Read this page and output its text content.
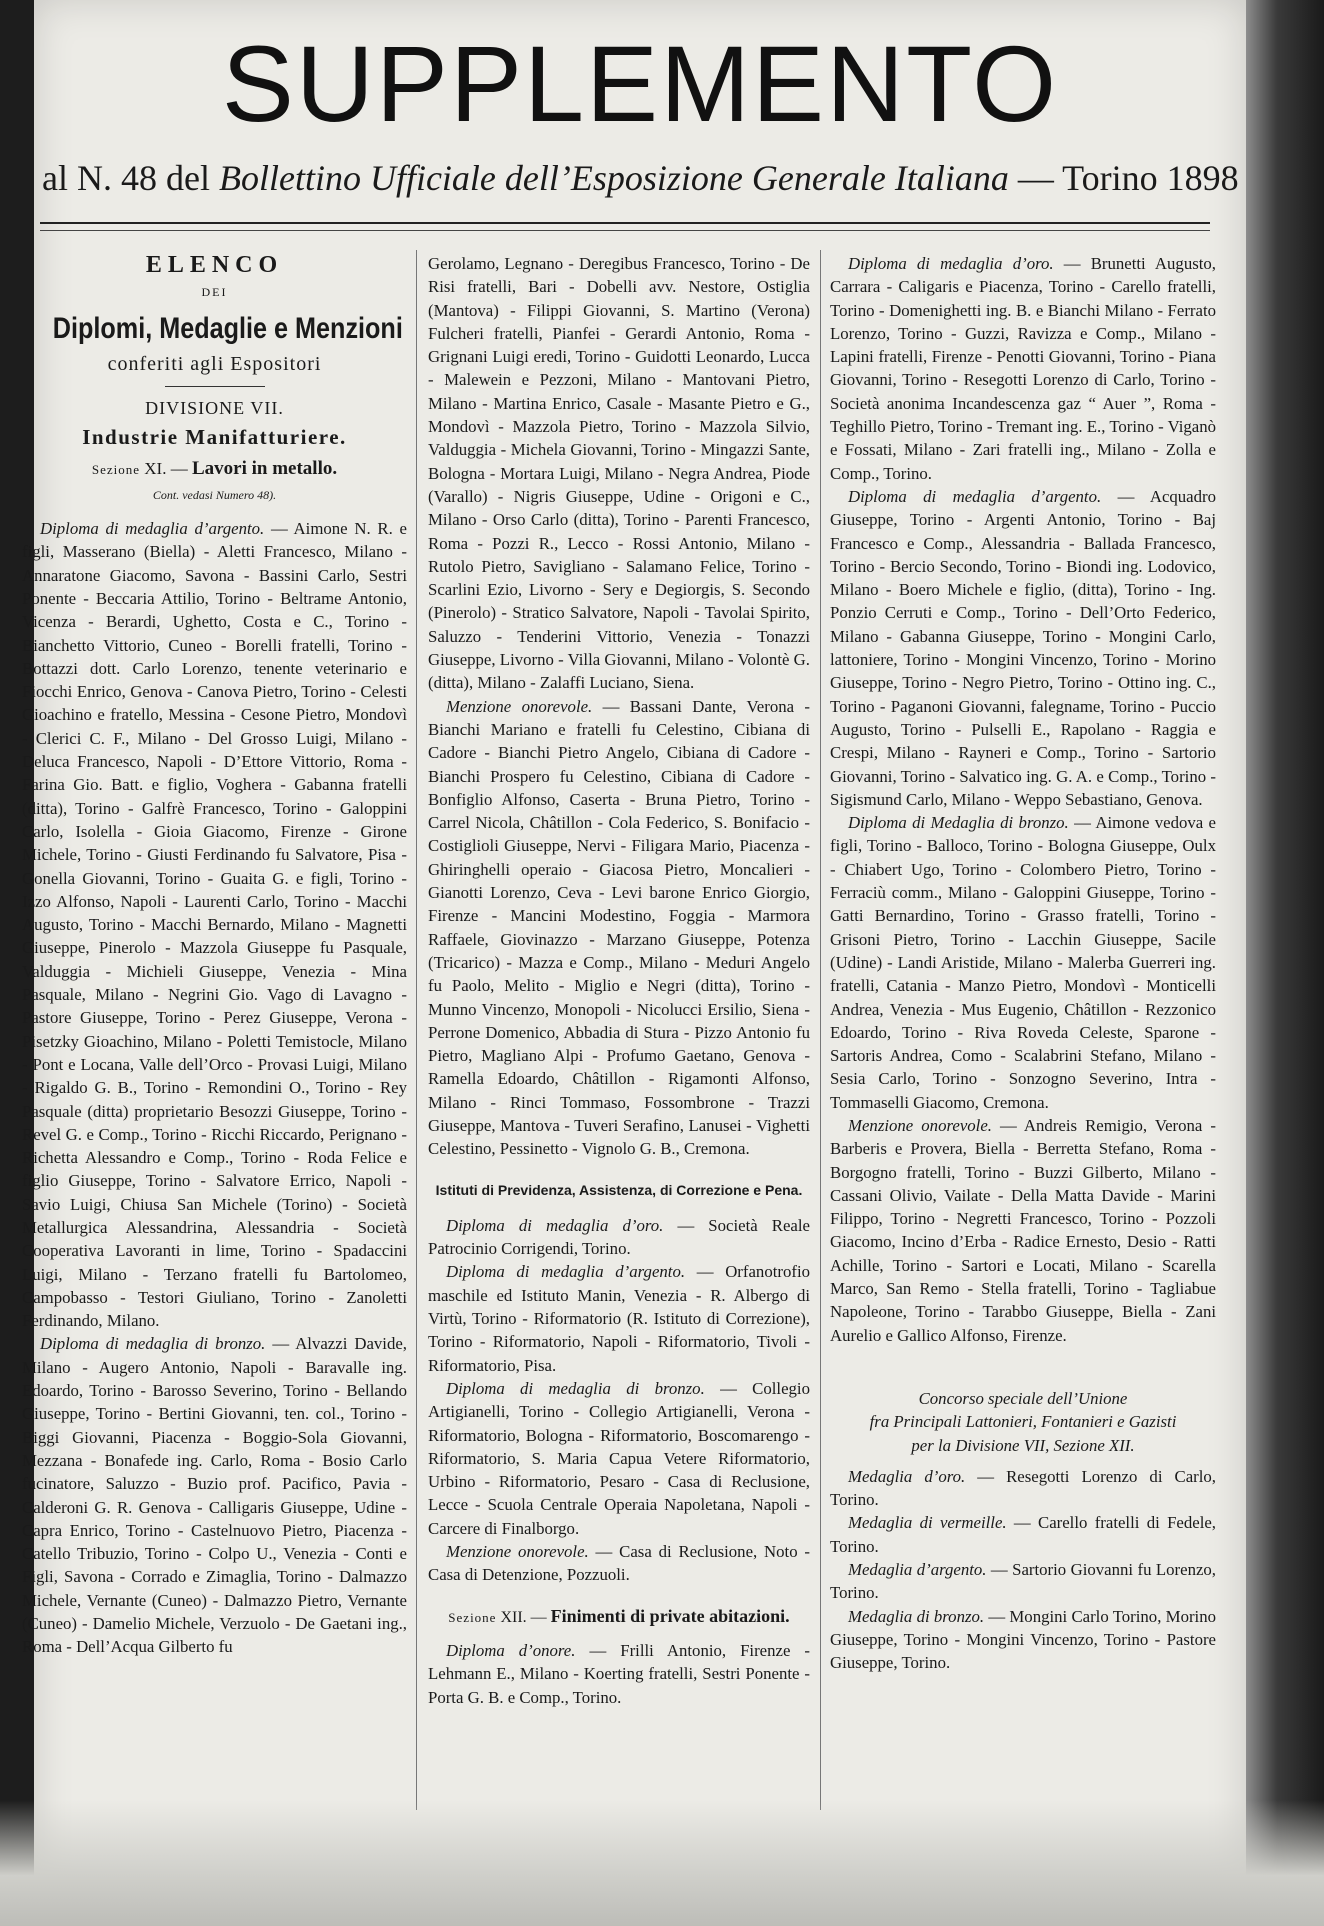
SUPPLEMENTO
al N. 48 del Bollettino Ufficiale dell’Esposizione Generale Italiana — Torino 1898
ELENCO
DEI
Diplomi, Medaglie e Menzioni
conferiti agli Espositori
DIVISIONE VII.
Industrie Manifatturiere.
Sezione XI. — Lavori in metallo.
Cont. vedasi Numero 48).

Diploma di medaglia d’argento. — Aimone N. R. e figli, Masserano (Biella) - Aletti Francesco, Milano - Annaratone Giacomo, Savona - Bassini Carlo, Sestri Ponente - Beccaria Attilio, Torino - Beltrame Antonio, Vicenza - Berardi, Ughetto, Costa e C., Torino - Bianchetto Vittorio, Cuneo - Borelli fratelli, Torino - Bottazzi dott. Carlo Lorenzo, tenente veterinario e Fiocchi Enrico, Genova - Canova Pietro, Torino - Celesti Gioachino e fratello, Messina - Cesone Pietro, Mondovì - Clerici C. F., Milano - Del Grosso Luigi, Milano - Deluca Francesco, Napoli - D’Ettore Vittorio, Roma - Farina Gio. Batt. e figlio, Voghera - Gabanna fratelli (ditta), Torino - Galfrè Francesco, Torino - Galoppini Carlo, Isolella - Gioia Giacomo, Firenze - Girone Michele, Torino - Giusti Ferdinando fu Salvatore, Pisa - Gonella Giovanni, Torino - Guaita G. e figli, Torino - Izzo Alfonso, Napoli - Laurenti Carlo, Torino - Macchi Augusto, Torino - Macchi Bernardo, Milano - Magnetti Giuseppe, Pinerolo - Mazzola Giuseppe fu Pasquale, Valduggia - Michieli Giuseppe, Venezia - Mina Pasquale, Milano - Negrini Gio. Vago di Lavagno - Pastore Giuseppe, Torino - Perez Giuseppe, Verona - Pisetzky Gioachino, Milano - Poletti Temistocle, Milano - Pont e Locana, Valle dell’Orco - Provasi Luigi, Milano - Rigaldo G. B., Torino - Remondini O., Torino - Rey Pasquale (ditta) proprietario Besozzi Giuseppe, Torino - Revel G. e Comp., Torino - Ricchi Riccardo, Perignano - Richetta Alessandro e Comp., Torino - Roda Felice e figlio Giuseppe, Torino - Salvatore Errico, Napoli - Savio Luigi, Chiusa San Michele (Torino) - Società Metallurgica Alessandrina, Alessandria - Società Cooperativa Lavoranti in lime, Torino - Spadaccini Luigi, Milano - Terzano fratelli fu Bartolomeo, Campobasso - Testori Giuliano, Torino - Zanoletti Ferdinando, Milano.

Diploma di medaglia di bronzo. — Alvazzi Davide, Milano - Augero Antonio, Napoli - Baravalle ing. Edoardo, Torino - Barosso Severino, Torino - Bellando Giuseppe, Torino - Bertini Giovanni, ten. col., Torino - Biggi Giovanni, Piacenza - Boggio-Sola Giovanni, Mezzana - Bonafede ing. Carlo, Roma - Bosio Carlo fucinatore, Saluzzo - Buzio prof. Pacifico, Pavia - Calderoni G. R. Genova - Calligaris Giuseppe, Udine - Capra Enrico, Torino - Castelnuovo Pietro, Piacenza - Catello Tribuzio, Torino - Colpo U., Venezia - Conti e Figli, Savona - Corrado e Zimaglia, Torino - Dalmazzo Michele, Vernante (Cuneo) - Dalmazzo Pietro, Vernante (Cuneo) - Damelio Michele, Verzuolo - De Gaetani ing., Roma - Dell’Acqua Gilberto fu

Gerolamo, Legnano - Deregibus Francesco, Torino - De Risi fratelli, Bari - Dobelli avv. Nestore, Ostiglia (Mantova) - Filippi Giovanni, S. Martino (Verona) Fulcheri fratelli, Pianfei - Gerardi Antonio, Roma - Grignani Luigi eredi, Torino - Guidotti Leonardo, Lucca - Malewein e Pezzoni, Milano - Mantovani Pietro, Milano - Martina Enrico, Casale - Masante Pietro e G., Mondovì - Mazzola Pietro, Torino - Mazzola Silvio, Valduggia - Michela Giovanni, Torino - Mingazzi Sante, Bologna - Mortara Luigi, Milano - Negra Andrea, Piode (Varallo) - Nigris Giuseppe, Udine - Origoni e C., Milano - Orso Carlo (ditta), Torino - Parenti Francesco, Roma - Pozzi R., Lecco - Rossi Antonio, Milano - Rutolo Pietro, Savigliano - Salamano Felice, Torino - Scarlini Ezio, Livorno - Sery e Degiorgis, S. Secondo (Pinerolo) - Stratico Salvatore, Napoli - Tavolai Spirito, Saluzzo - Tenderini Vittorio, Venezia - Tonazzi Giuseppe, Livorno - Villa Giovanni, Milano - Volontè G. (ditta), Milano - Zalaffi Luciano, Siena.

Menzione onorevole. — Bassani Dante, Verona - Bianchi Mariano e fratelli fu Celestino, Cibiana di Cadore - Bianchi Pietro Angelo, Cibiana di Cadore - Bianchi Prospero fu Celestino, Cibiana di Cadore - Bonfiglio Alfonso, Caserta - Bruna Pietro, Torino - Carrel Nicola, Châtillon - Cola Federico, S. Bonifacio - Costiglioli Giuseppe, Nervi - Filigara Mario, Piacenza - Ghiringhelli operaio - Giacosa Pietro, Moncalieri - Gianotti Lorenzo, Ceva - Levi barone Enrico Giorgio, Firenze - Mancini Modestino, Foggia - Marmora Raffaele, Giovinazzo - Marzano Giuseppe, Potenza (Tricarico) - Mazza e Comp., Milano - Meduri Angelo fu Paolo, Melito - Miglio e Negri (ditta), Torino - Munno Vincenzo, Monopoli - Nicolucci Ersilio, Siena - Perrone Domenico, Abbadia di Stura - Pizzo Antonio fu Pietro, Magliano Alpi - Profumo Gaetano, Genova - Ramella Edoardo, Châtillon - Rigamonti Alfonso, Milano - Rinci Tommaso, Fossombrone - Trazzi Giuseppe, Mantova - Tuveri Serafino, Lanusei - Vighetti Celestino, Pessinetto - Vignolo G. B., Cremona.

Istituti di Previdenza, Assistenza, di Correzione e Pena.

Diploma di medaglia d’oro. — Società Reale Patrocinio Corrigendi, Torino.

Diploma di medaglia d’argento. — Orfanotrofio maschile ed Istituto Manin, Venezia - R. Albergo di Virtù, Torino - Riformatorio (R. Istituto di Correzione), Torino - Riformatorio, Napoli - Riformatorio, Tivoli - Riformatorio, Pisa.

Diploma di medaglia di bronzo. — Collegio Artigianelli, Torino - Collegio Artigianelli, Verona - Riformatorio, Bologna - Riformatorio, Boscomarengo - Riformatorio, S. Maria Capua Vetere Riformatorio, Urbino - Riformatorio, Pesaro - Casa di Reclusione, Lecce - Scuola Centrale Operaia Napoletana, Napoli - Carcere di Finalborgo.

Menzione onorevole. — Casa di Reclusione, Noto - Casa di Detenzione, Pozzuoli.

Sezione XII. — Finimenti di private abitazioni.

Diploma d’onore. — Frilli Antonio, Firenze - Lehmann E., Milano - Koerting fratelli, Sestri Ponente - Porta G. B. e Comp., Torino.

Diploma di medaglia d’oro. — Brunetti Augusto, Carrara - Caligaris e Piacenza, Torino - Carello fratelli, Torino - Domenighetti ing. B. e Bianchi Milano - Ferrato Lorenzo, Torino - Guzzi, Ravizza e Comp., Milano - Lapini fratelli, Firenze - Penotti Giovanni, Torino - Piana Giovanni, Torino - Resegotti Lorenzo di Carlo, Torino - Società anonima Incandescenza gaz “ Auer ”, Roma - Teghillo Pietro, Torino - Tremant ing. E., Torino - Viganò e Fossati, Milano - Zari fratelli ing., Milano - Zolla e Comp., Torino.

Diploma di medaglia d’argento. — Acquadro Giuseppe, Torino - Argenti Antonio, Torino - Baj Francesco e Comp., Alessandria - Ballada Francesco, Torino - Bercio Secondo, Torino - Biondi ing. Lodovico, Milano - Boero Michele e figlio, (ditta), Torino - Ing. Ponzio Cerruti e Comp., Torino - Dell’Orto Federico, Milano - Gabanna Giuseppe, Torino - Mongini Carlo, lattoniere, Torino - Mongini Vincenzo, Torino - Morino Giuseppe, Torino - Negro Pietro, Torino - Ottino ing. C., Torino - Paganoni Giovanni, falegname, Torino - Puccio Augusto, Torino - Pulselli E., Rapolano - Raggia e Crespi, Milano - Rayneri e Comp., Torino - Sartorio Giovanni, Torino - Salvatico ing. G. A. e Comp., Torino - Sigismund Carlo, Milano - Weppo Sebastiano, Genova.

Diploma di Medaglia di bronzo. — Aimone vedova e figli, Torino - Balloco, Torino - Bologna Giuseppe, Oulx - Chiabert Ugo, Torino - Colombero Pietro, Torino - Ferraciù comm., Milano - Galoppini Giuseppe, Torino - Gatti Bernardino, Torino - Grasso fratelli, Torino - Grisoni Pietro, Torino - Lacchin Giuseppe, Sacile (Udine) - Landi Aristide, Milano - Malerba Guerreri ing. fratelli, Catania - Manzo Pietro, Mondovì - Monticelli Andrea, Venezia - Mus Eugenio, Châtillon - Rezzonico Edoardo, Torino - Riva Roveda Celeste, Sparone - Sartoris Andrea, Como - Scalabrini Stefano, Milano - Sesia Carlo, Torino - Sonzogno Severino, Intra - Tommaselli Giacomo, Cremona.

Menzione onorevole. — Andreis Remigio, Verona - Barberis e Provera, Biella - Berretta Stefano, Roma - Borgogno fratelli, Torino - Buzzi Gilberto, Milano - Cassani Olivio, Vailate - Della Matta Davide - Marini Filippo, Torino - Negretti Francesco, Torino - Pozzoli Giacomo, Incino d’Erba - Radice Ernesto, Desio - Ratti Achille, Torino - Sartori e Locati, Milano - Scarella Marco, San Remo - Stella fratelli, Torino - Tagliabue Napoleone, Torino - Tarabbo Giuseppe, Biella - Zani Aurelio e Gallico Alfonso, Firenze.

Concorso speciale dell’Unione

fra Principali Lattonieri, Fontanieri e Gazisti

per la Divisione VII, Sezione XII.

Medaglia d’oro. — Resegotti Lorenzo di Carlo, Torino.

Medaglia di vermeille. — Carello fratelli di Fedele, Torino.

Medaglia d’argento. — Sartorio Giovanni fu Lorenzo, Torino.

Medaglia di bronzo. — Mongini Carlo Torino, Morino Giuseppe, Torino - Mongini Vincenzo, Torino - Pastore Giuseppe, Torino.
